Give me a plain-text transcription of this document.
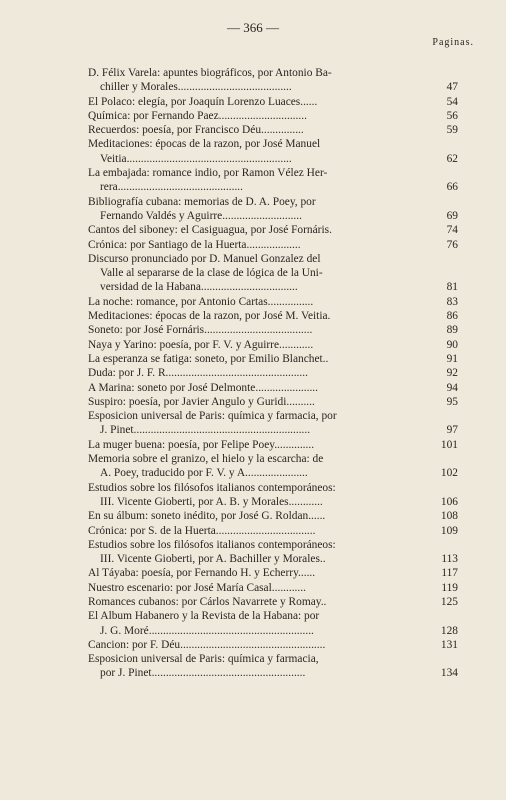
— 366 —
Paginas.
D. Félix Varela: apuntes biográficos, por Antonio Ba-
chiller y Morales........................................	47
El Polaco: elegía, por Joaquín Lorenzo Luaces......	54
Química: por Fernando Paez...............................	56
Recuerdos: poesía, por Francisco Déu...............	59
Meditaciones: épocas de la razon, por José Manuel
Veitia..........................................................	62
La embajada: romance indio, por Ramon Vélez Her-
rera............................................	66
Bibliografía cubana: memorias de D. A. Poey, por
Fernando Valdés y Aguirre............................	69
Cantos del siboney: el Casiguagua, por José Fornáris.	74
Crónica: por Santiago de la Huerta...................	76
Discurso pronunciado por D. Manuel Gonzalez del
Valle al separarse de la clase de lógica de la Uni-
versidad de la Habana..................................	81
La noche: romance, por Antonio Cartas................	83
Meditaciones: épocas de la razon, por José M. Veitia.	86
Soneto: por José Fornáris......................................	89
Naya y Yarino: poesía, por F. V. y Aguirre............	90
La esperanza se fatiga: soneto, por Emilio Blanchet..	91
Duda: por J. F. R..................................................	92
A Marina: soneto por José Delmonte......................	94
Suspiro: poesía, por Javier Angulo y Guridi..........	95
Esposicion universal de Paris: química y farmacia, por
J. Pinet..............................................................	97
La muger buena: poesía, por Felipe Poey..............	101
Memoria sobre el granizo, el hielo y la escarcha: de
A. Poey, traducido por F. V. y A......................	102
Estudios sobre los filósofos italianos contemporáneos:
III. Vicente Gioberti, por A. B. y Morales............	106
En su álbum: soneto inédito, por José G. Roldan......	108
Crónica: por S. de la Huerta...................................	109
Estudios sobre los filósofos italianos contemporáneos:
III. Vicente Gioberti, por A. Bachiller y Morales..	113
Al Táyaba: poesía, por Fernando H. y Echerry......	117
Nuestro escenario: por José María Casal............	119
Romances cubanos: por Cárlos Navarrete y Romay..	125
El Album Habanero y la Revista de la Habana: por
J. G. Moré..........................................................	128
Cancion: por F. Déu...................................................	131
Esposicion universal de Paris: química y farmacia,
por J. Pinet......................................................	134
